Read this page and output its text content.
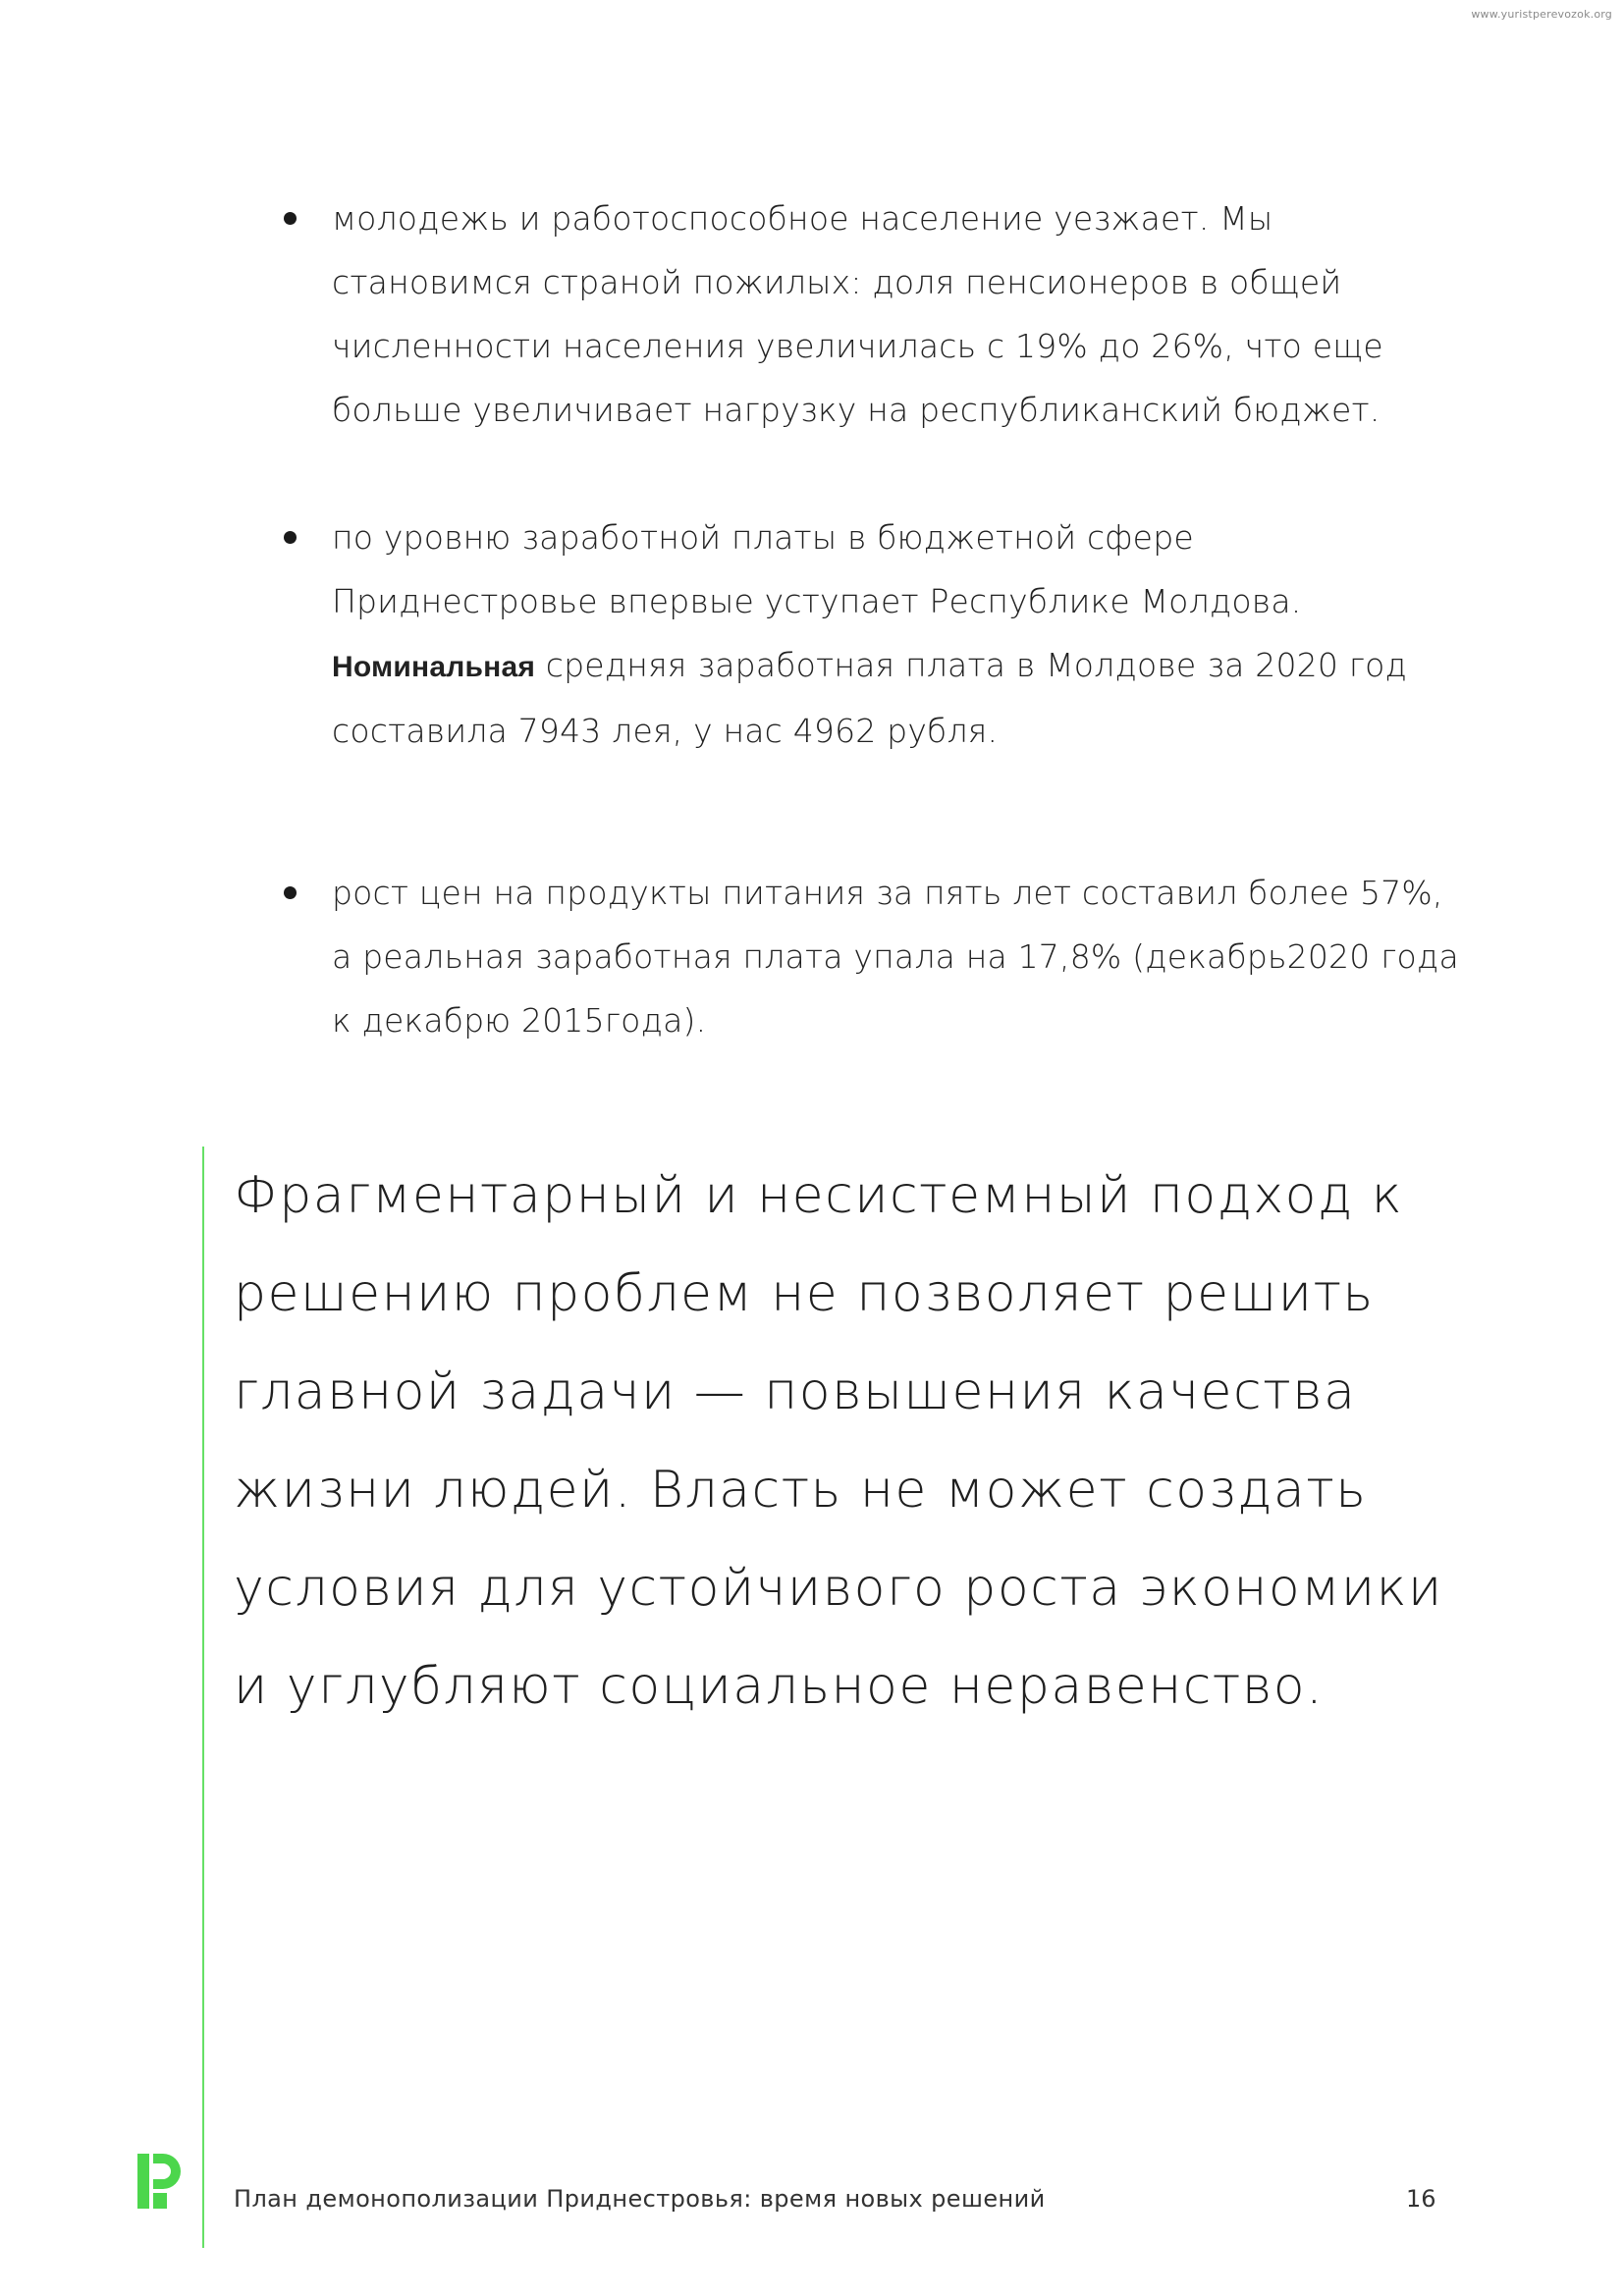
www.yuristperevozok.org
молодежь и работоспособное население уезжает. Мы становимся страной пожилых: доля пенсионеров в общей численности населения увеличилась с 19% до 26%, что еще больше увеличивает нагрузку на республиканский бюджет.
по уровню заработной платы в бюджетной сфере Приднестровье впервые уступает Республике Молдова. Номинальная средняя заработная плата в Молдове за 2020 год составила 7943 лея, у нас 4962 рубля.
рост цен на продукты питания за пять лет составил более 57%, а реальная заработная плата упала на 17,8% (декабрь2020 года к декабрю 2015года).

Фрагментарный и несистемный подход к решению проблем не позволяет решить главной задачи — повышения качества жизни людей. Власть не может создать условия для устойчивого роста экономики и углубляют социальное неравенство.

План демонополизации Приднестровья: время новых решений	16
